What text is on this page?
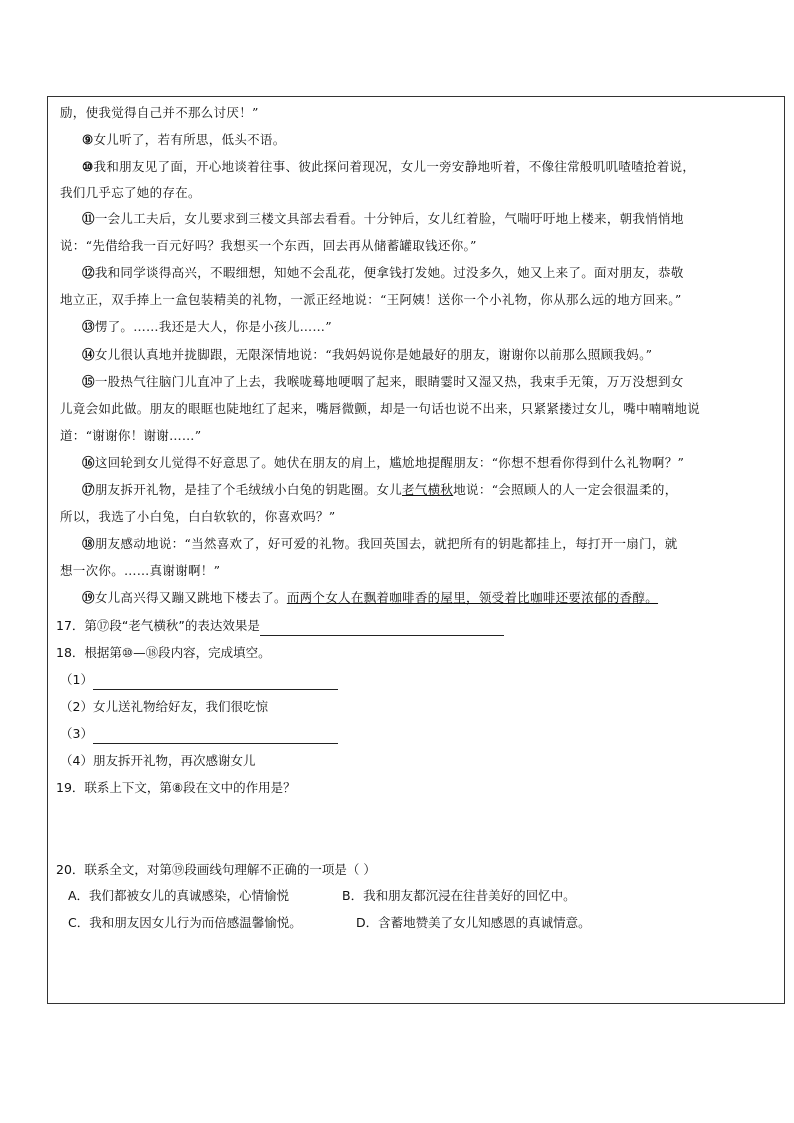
励，使我觉得自己并不那么讨厌！”
⑨女儿听了，若有所思，低头不语。
⑩我和朋友见了面，开心地谈着往事、彼此探问着现况，女儿一旁安静地听着，不像往常般叽叽喳喳抢着说，
我们几乎忘了她的存在。
⑪一会儿工夫后，女儿要求到三楼文具部去看看。十分钟后，女儿红着脸，气喘吁吁地上楼来，朝我悄悄地
说：“先借给我一百元好吗？我想买一个东西，回去再从储蓄罐取钱还你。”
⑫我和同学谈得高兴，不暇细想，知她不会乱花，便拿钱打发她。过没多久，她又上来了。面对朋友，恭敬
地立正，双手捧上一盒包装精美的礼物，一派正经地说：“王阿姨！送你一个小礼物，你从那么远的地方回来。”
⑬愣了。……我还是大人，你是小孩儿……”
⑭女儿很认真地并拢脚跟，无限深情地说：“我妈妈说你是她最好的朋友，谢谢你以前那么照顾我妈。”
⑮一股热气往脑门儿直冲了上去，我喉咙蓦地哽咽了起来，眼睛霎时又湿又热，我束手无策，万万没想到女
儿竟会如此做。朋友的眼眶也陡地红了起来，嘴唇微颤，却是一句话也说不出来，只紧紧搂过女儿，嘴中喃喃地说
道：“谢谢你！谢谢……”
⑯这回轮到女儿觉得不好意思了。她伏在朋友的肩上，尴尬地提醒朋友：“你想不想看你得到什么礼物啊？”
⑰朋友拆开礼物，是挂了个毛绒绒小白兔的钥匙圈。女儿老气横秋地说：“会照顾人的人一定会很温柔的，
所以，我选了小白兔，白白软软的，你喜欢吗？”
⑱朋友感动地说：“当然喜欢了，好可爱的礼物。我回英国去，就把所有的钥匙都挂上，每打开一扇门，就
想一次你。……真谢谢啊！”
⑲女儿高兴得又蹦又跳地下楼去了。而两个女人在飘着咖啡香的屋里，领受着比咖啡还要浓郁的香醇。
17．第⑰段“老气横秋”的表达效果是
18．根据第⑩—⑱段内容，完成填空。
（1）
（2）女儿送礼物给好友，我们很吃惊
（3）
（4）朋友拆开礼物，再次感谢女儿
19．联系上下文，第⑧段在文中的作用是？
20．联系全文，对第⑲段画线句理解不正确的一项是（ ）
A．我们都被女儿的真诚感染，心情愉悦	B．我和朋友都沉浸在往昔美好的回忆中。
C．我和朋友因女儿行为而倍感温馨愉悦。	D．含蓄地赞美了女儿知感恩的真诚情意。
